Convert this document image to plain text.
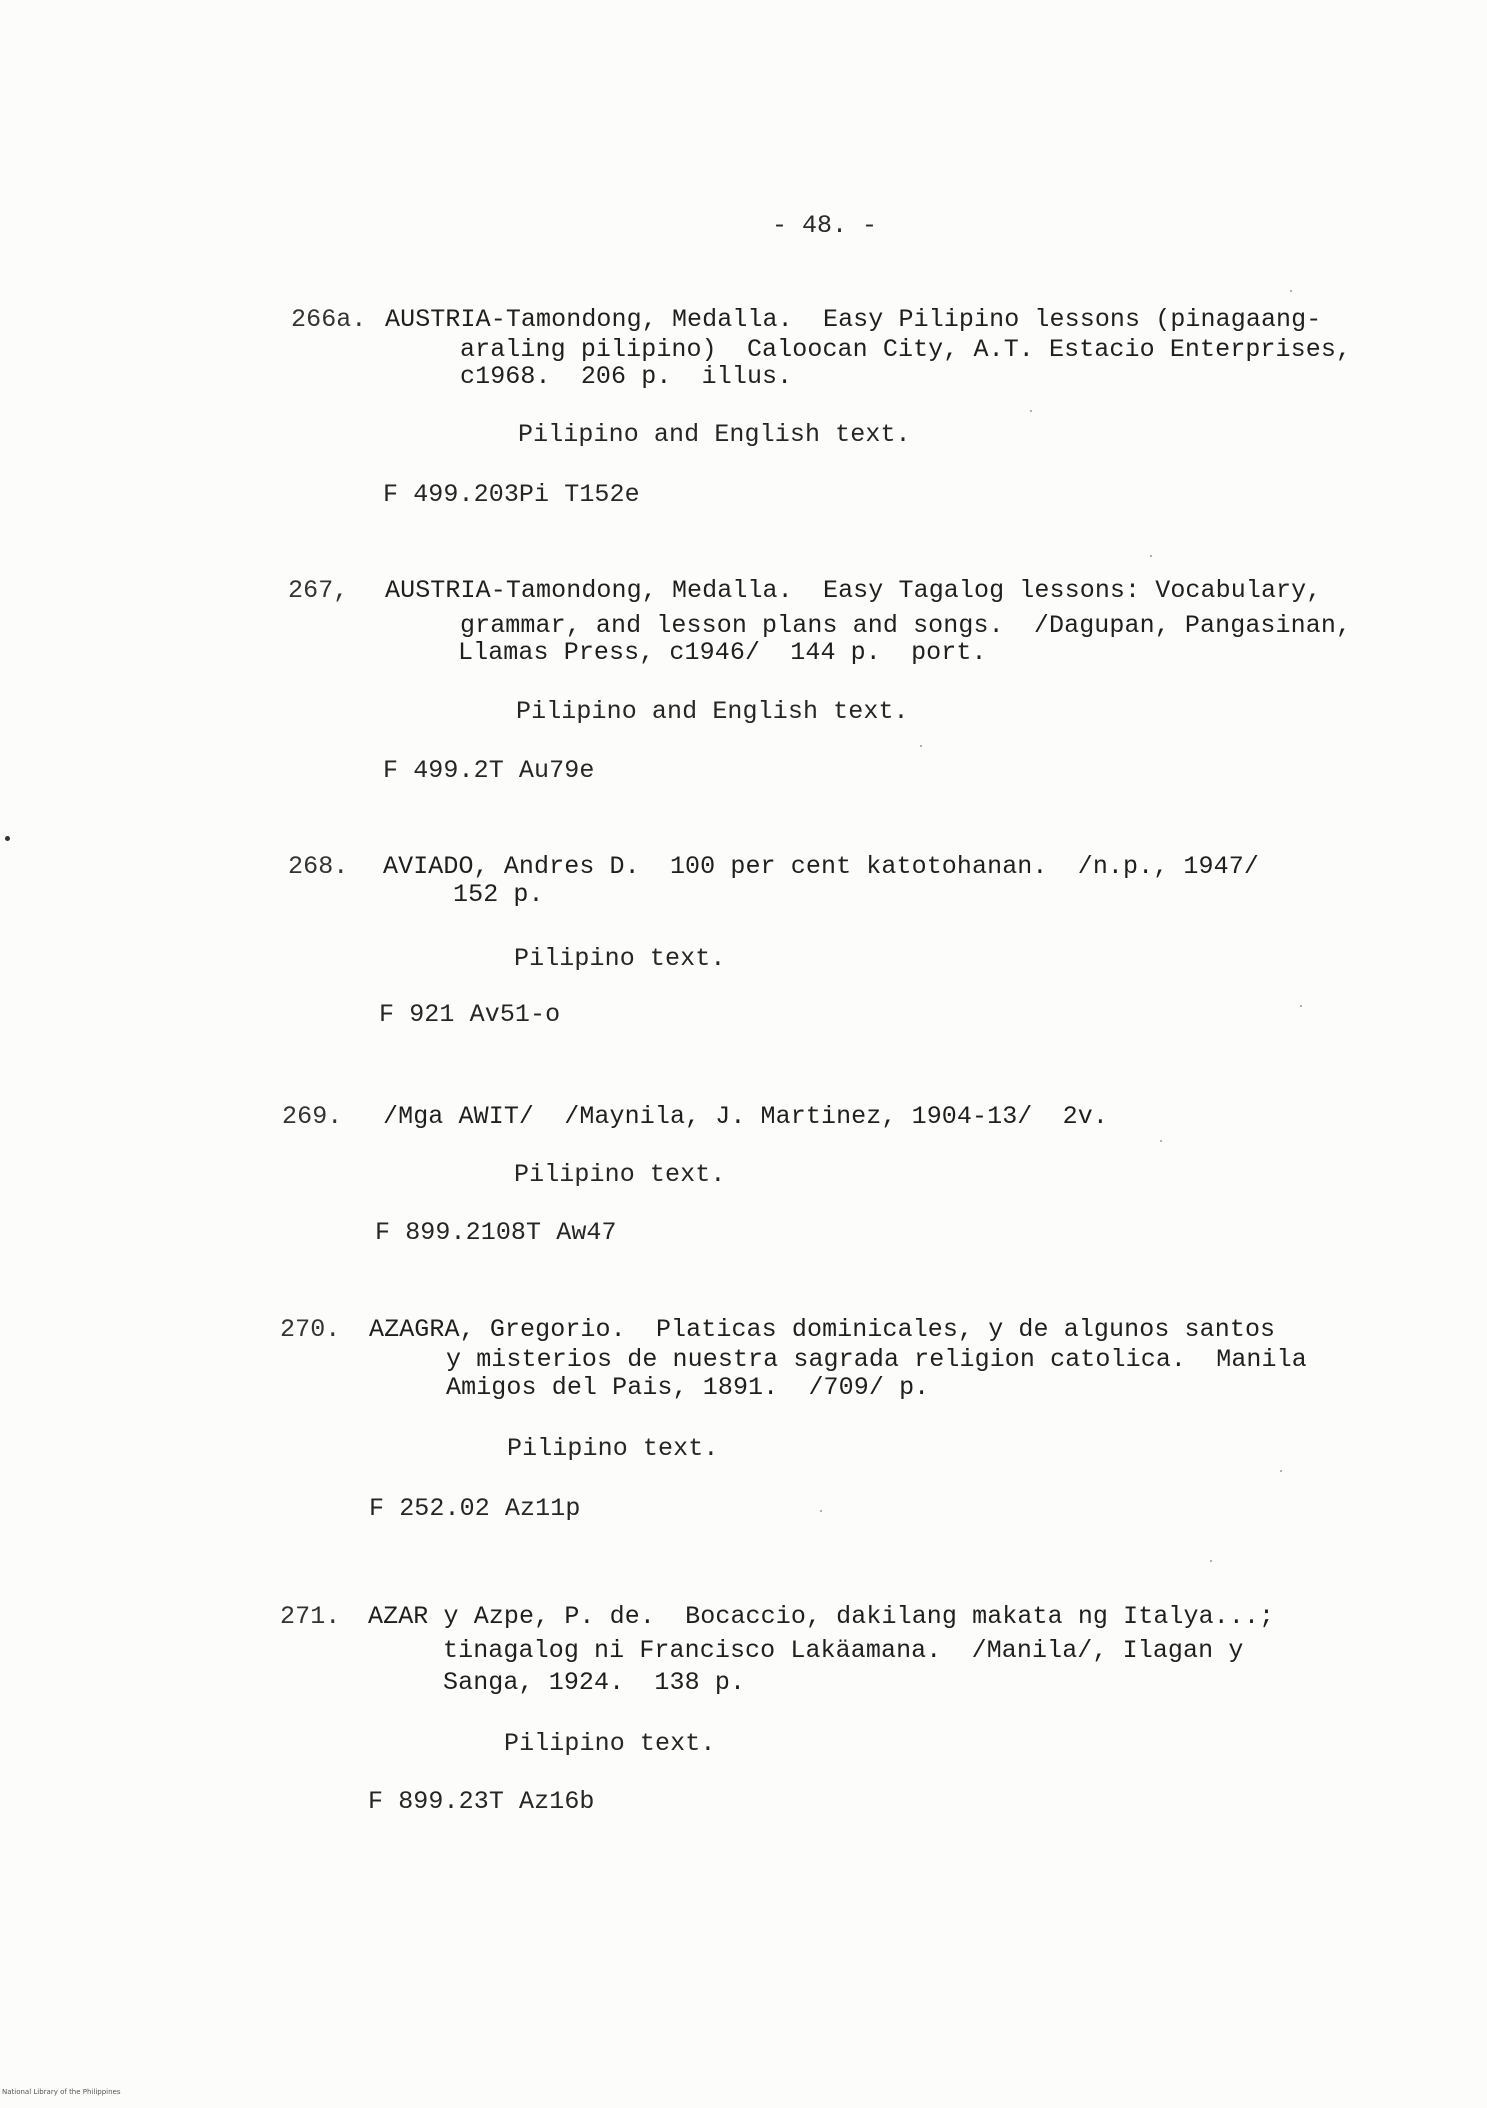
- 48. -
266a. AUSTRIA-Tamondong, Medalla.  Easy Pilipino lessons (pinagaang-
araling pilipino)  Caloocan City, A.T. Estacio Enterprises,
c1968.  206 p.  illus.
Pilipino and English text.
F 499.203Pi T152e
267, AUSTRIA-Tamondong, Medalla.  Easy Tagalog lessons: Vocabulary,
grammar, and lesson plans and songs.  /Dagupan, Pangasinan,
Llamas Press, c1946/  144 p.  port.
Pilipino and English text.
F 499.2T Au79e
268. AVIADO, Andres D.  100 per cent katotohanan.  /n.p., 1947/
152 p.
Pilipino text.
F 921 Av51-o
269. /Mga AWIT/  /Maynila, J. Martinez, 1904-13/  2v.
Pilipino text.
F 899.2108T Aw47
270. AZAGRA, Gregorio.  Platicas dominicales, y de algunos santos
y misterios de nuestra sagrada religion catolica.  Manila
Amigos del Pais, 1891.  /709/ p.
Pilipino text.
F 252.02 Az11p
271. AZAR y Azpe, P. de.  Bocaccio, dakilang makata ng Italya...;
tinagalog ni Francisco Lakäamana.  /Manila/, Ilagan y
Sanga, 1924.  138 p.
Pilipino text.
F 899.23T Az16b
National Library of the Philippines
